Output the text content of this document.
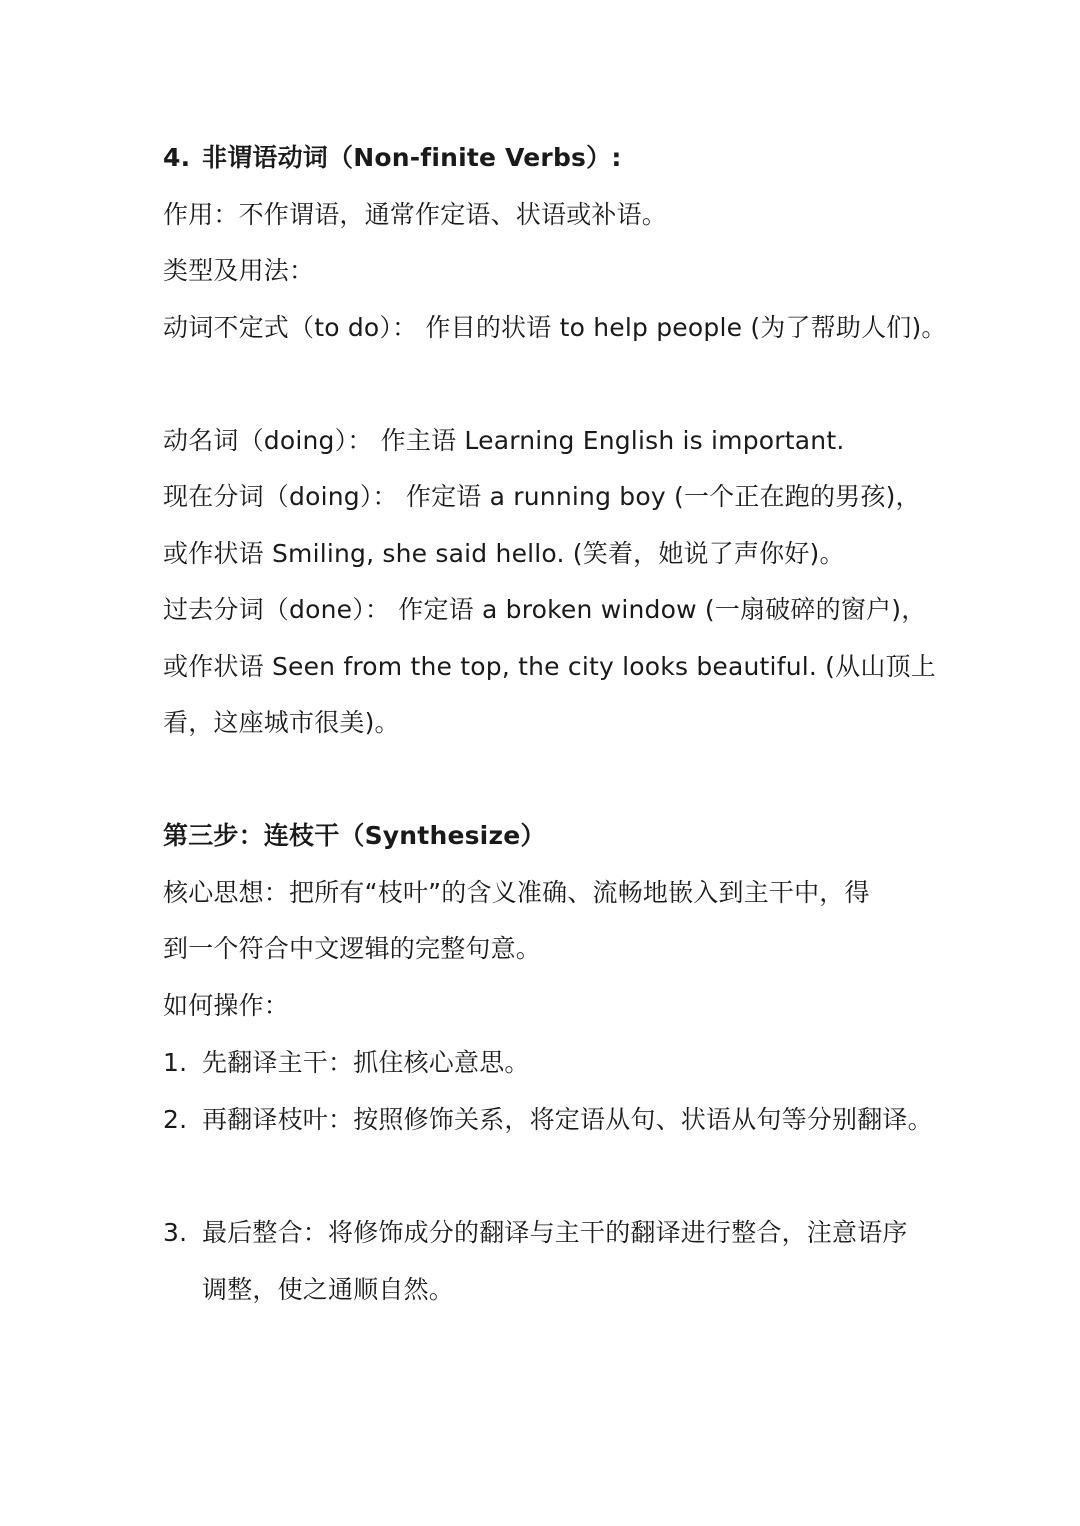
4. 非谓语动词（Non-finite Verbs）:
作用：不作谓语，通常作定语、状语或补语。
类型及用法：
动词不定式（to do）： 作目的状语 to help people (为了帮助人们)。
动名词（doing）： 作主语 Learning English is important.
现在分词（doing）： 作定语 a running boy (一个正在跑的男孩)，
或作状语 Smiling, she said hello. (笑着，她说了声你好)。
过去分词（done）： 作定语 a broken window (一扇破碎的窗户)，
或作状语 Seen from the top, the city looks beautiful. (从山顶上
看，这座城市很美)。
第三步：连枝干（Synthesize）
核心思想：把所有“枝叶”的含义准确、流畅地嵌入到主干中，得
到一个符合中文逻辑的完整句意。
如何操作：
1. 先翻译主干：抓住核心意思。
2. 再翻译枝叶：按照修饰关系，将定语从句、状语从句等分别翻译。
3. 最后整合：将修饰成分的翻译与主干的翻译进行整合，注意语序
调整，使之通顺自然。
